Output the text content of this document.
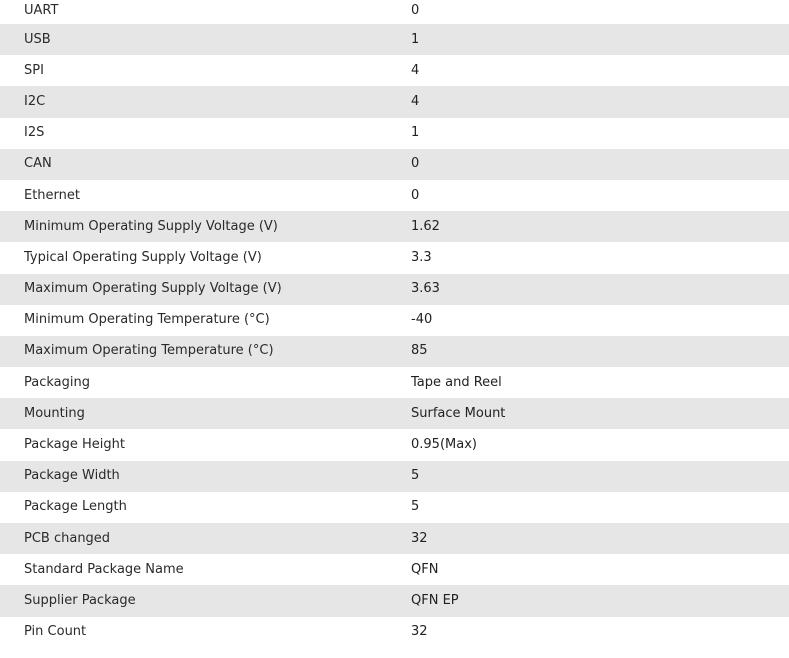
UART	0
USB	1
SPI	4
I2C	4
I2S	1
CAN	0
Ethernet	0
Minimum Operating Supply Voltage (V)	1.62
Typical Operating Supply Voltage (V)	3.3
Maximum Operating Supply Voltage (V)	3.63
Minimum Operating Temperature (°C)	-40
Maximum Operating Temperature (°C)	85
Packaging	Tape and Reel
Mounting	Surface Mount
Package Height	0.95(Max)
Package Width	5
Package Length	5
PCB changed	32
Standard Package Name	QFN
Supplier Package	QFN EP
Pin Count	32
